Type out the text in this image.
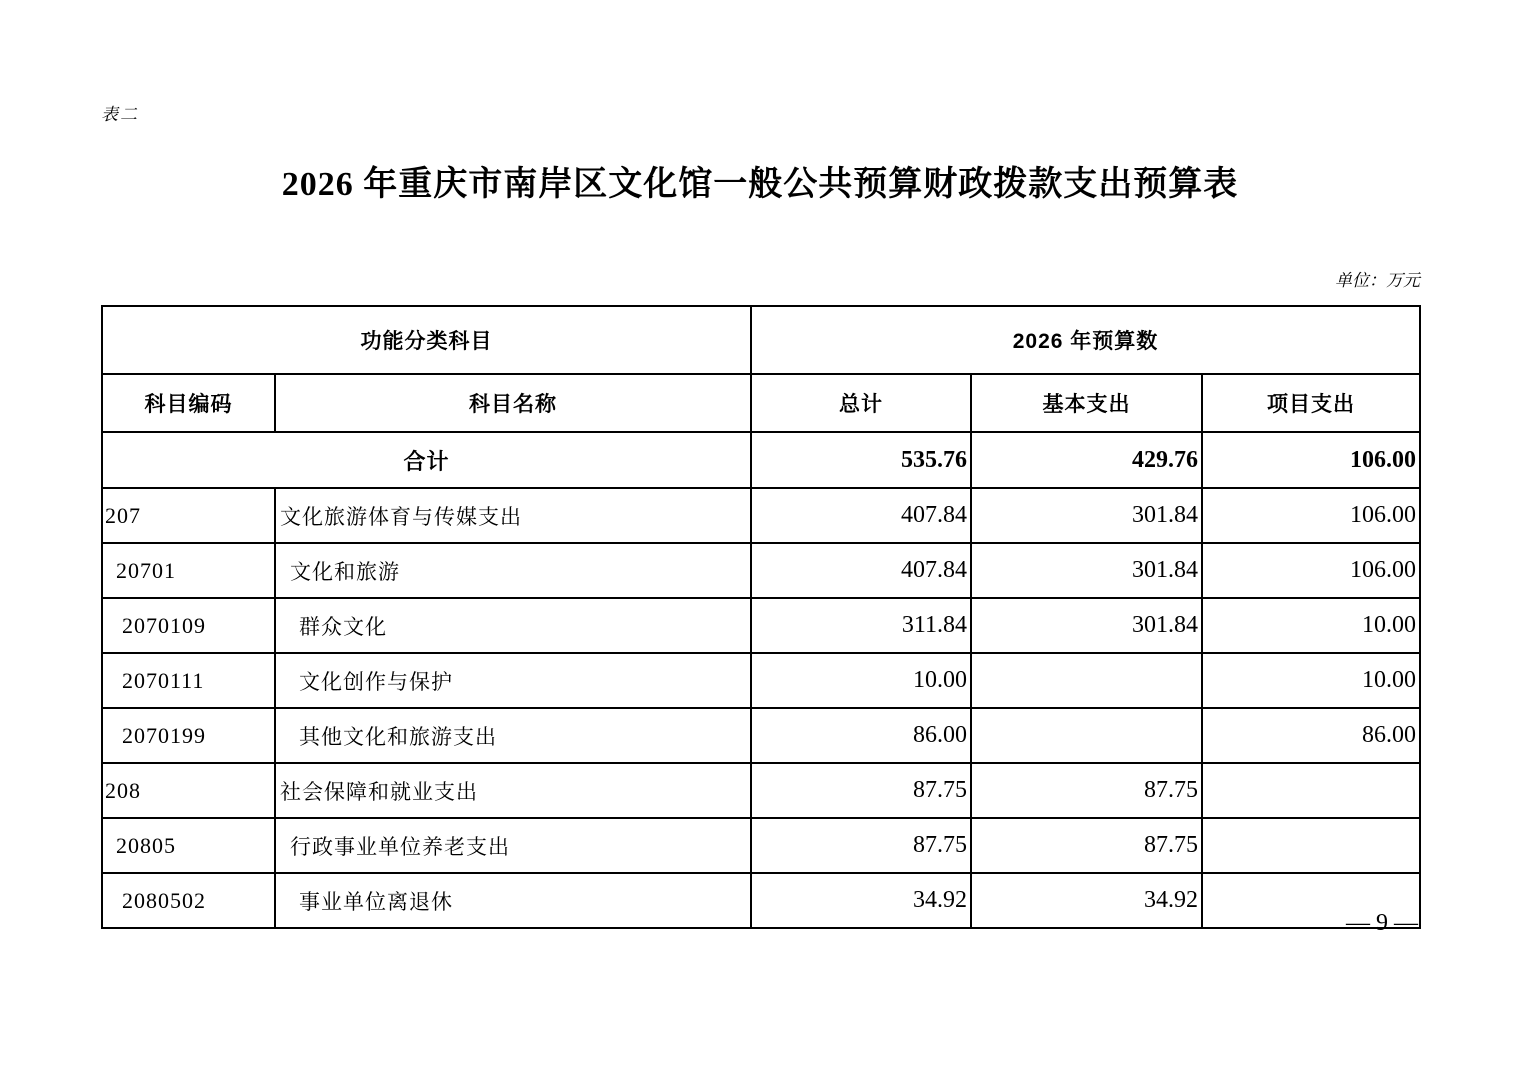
表二
2026 年重庆市南岸区文化馆一般公共预算财政拨款支出预算表
单位：万元
功能分类科目		2026 年预算数		
科目编码	科目名称	总计	基本支出	项目支出
合计		535.76	429.76	106.00
207	文化旅游体育与传媒支出	407.84	301.84	106.00
20701	文化和旅游	407.84	301.84	106.00
2070109	群众文化	311.84	301.84	10.00
2070111	文化创作与保护	10.00		10.00
2070199	其他文化和旅游支出	86.00		86.00
208	社会保障和就业支出	87.75	87.75	
20805	行政事业单位养老支出	87.75	87.75	
2080502	事业单位离退休	34.92	34.92	
— 9 —
